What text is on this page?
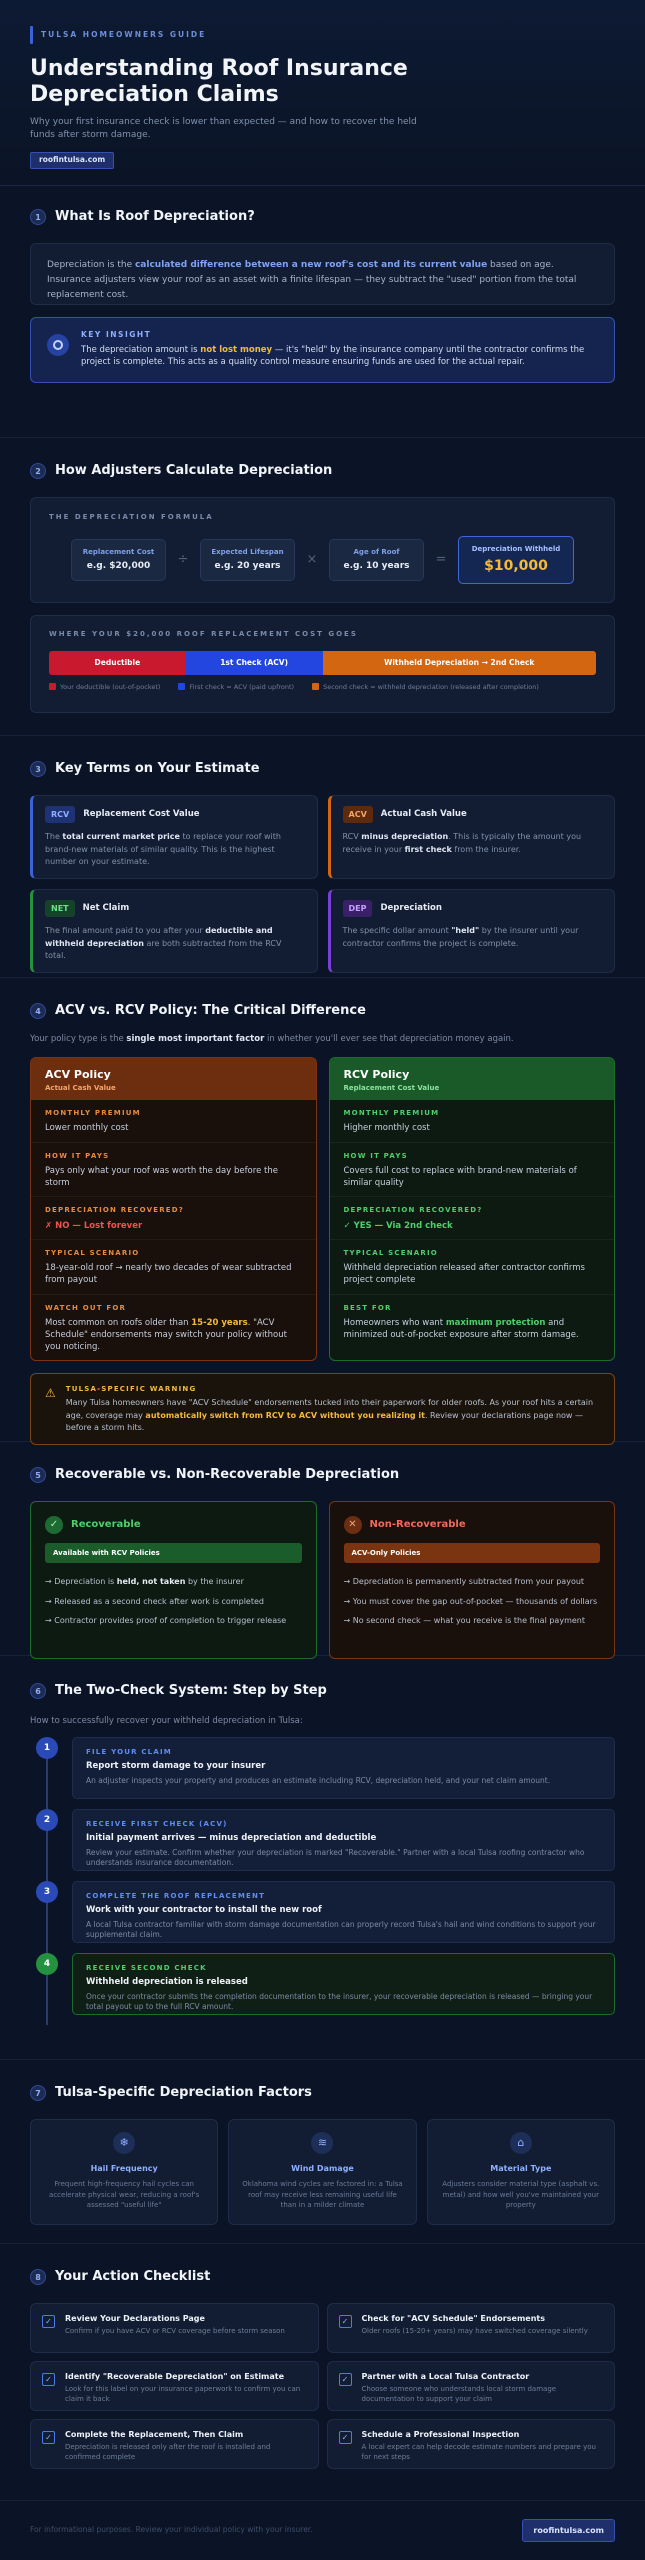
TULSA HOMEOWNERS GUIDE
Understanding Roof Insurance Depreciation Claims

Why your first insurance check is lower than expected — and how to recover the held funds after storm damage.

roofintulsa.com
1	What Is Roof Depreciation?
Depreciation is the calculated difference between a new roof's cost and its current value based on age. Insurance adjusters view your roof as an asset with a finite lifespan — they subtract the "used" portion from the total replacement cost.
KEY INSIGHT
The depreciation amount is not lost money — it's "held" by the insurance company until the contractor confirms the project is complete. This acts as a quality control measure ensuring funds are used for the actual repair.
2	How Adjusters Calculate Depreciation
THE DEPRECIATION FORMULA
Replacement Cost
e.g. $20,000 ÷	Expected Lifespan
e.g. 20 years ×	Age of Roof
e.g. 10 years =
Depreciation Withheld
$10,000
WHERE YOUR $20,000 ROOF REPLACEMENT COST GOES
Deductible	1st Check (ACV)	Withheld Depreciation → 2nd Check
Your deductible (out-of-pocket)	First check = ACV (paid upfront)	Second check = withheld depreciation (released after completion)
3	Key Terms on Your Estimate
RCV	Replacement Cost Value
The total current market price to replace your roof with brand-new materials of similar quality. This is the highest number on your estimate.
ACV	Actual Cash Value
RCV minus depreciation. This is typically the amount you receive in your first check from the insurer.
NET	Net Claim
The final amount paid to you after your deductible and withheld depreciation are both subtracted from the RCV total.
DEP	Depreciation
The specific dollar amount "held" by the insurer until your contractor confirms the project is complete.
4	ACV vs. RCV Policy: The Critical Difference

Your policy type is the single most important factor in whether you'll ever see that depreciation money again.

ACV Policy
Actual Cash Value
MONTHLY PREMIUM
Lower monthly cost
HOW IT PAYS
Pays only what your roof was worth the day before the storm
DEPRECIATION RECOVERED?
✗ NO — Lost forever
TYPICAL SCENARIO
18-year-old roof → nearly two decades of wear subtracted from payout
WATCH OUT FOR
Most common on roofs older than 15-20 years. "ACV Schedule" endorsements may switch your policy without you noticing.
RCV Policy
Replacement Cost Value
MONTHLY PREMIUM
Higher monthly cost
HOW IT PAYS
Covers full cost to replace with brand-new materials of similar quality
DEPRECIATION RECOVERED?
✓ YES — Via 2nd check
TYPICAL SCENARIO
Withheld depreciation released after contractor confirms project complete
BEST FOR
Homeowners who want maximum protection and minimized out-of-pocket exposure after storm damage.
⚠ TULSA-SPECIFIC WARNING
Many Tulsa homeowners have "ACV Schedule" endorsements tucked into their paperwork for older roofs. As your roof hits a certain age, coverage may automatically switch from RCV to ACV without you realizing it. Review your declarations page now — before a storm hits.
5	Recoverable vs. Non-Recoverable Depreciation
✓	Recoverable
Available with RCV Policies
→ Depreciation is held, not taken by the insurer
→ Released as a second check after work is completed
→ Contractor provides proof of completion to trigger release
✕	Non-Recoverable
ACV-Only Policies
→ Depreciation is permanently subtracted from your payout
→ You must cover the gap out-of-pocket — thousands of dollars
→ No second check — what you receive is the final payment
6	The Two-Check System: Step by Step

How to successfully recover your withheld depreciation in Tulsa:

1	FILE YOUR CLAIM
Report storm damage to your insurer
An adjuster inspects your property and produces an estimate including RCV, depreciation held, and your net claim amount.
2	RECEIVE FIRST CHECK (ACV)
Initial payment arrives — minus depreciation and deductible
Review your estimate. Confirm whether your depreciation is marked "Recoverable." Partner with a local Tulsa roofing contractor who understands insurance documentation.
3	COMPLETE THE ROOF REPLACEMENT
Work with your contractor to install the new roof
A local Tulsa contractor familiar with storm damage documentation can properly record Tulsa's hail and wind conditions to support your supplemental claim.
4	RECEIVE SECOND CHECK
Withheld depreciation is released
Once your contractor submits the completion documentation to the insurer, your recoverable depreciation is released — bringing your total payout up to the full RCV amount.
7	Tulsa-Specific Depreciation Factors
❄
Hail Frequency
Frequent high-frequency hail cycles can accelerate physical wear, reducing a roof's assessed "useful life"
≋
Wind Damage
Oklahoma wind cycles are factored in: a Tulsa roof may receive less remaining useful life than in a milder climate
⌂
Material Type
Adjusters consider material type (asphalt vs. metal) and how well you've maintained your property
8	Your Action Checklist
✓	Review Your Declarations Page
Confirm if you have ACV or RCV coverage before storm season
✓	Check for "ACV Schedule" Endorsements
Older roofs (15-20+ years) may have switched coverage silently
✓	Identify "Recoverable Depreciation" on Estimate
Look for this label on your insurance paperwork to confirm you can claim it back
✓	Partner with a Local Tulsa Contractor
Choose someone who understands local storm damage documentation to support your claim
✓	Complete the Replacement, Then Claim
Depreciation is released only after the roof is installed and confirmed complete
✓	Schedule a Professional Inspection
A local expert can help decode estimate numbers and prepare you for next steps
For informational purposes. Review your individual policy with your insurer.	roofintulsa.com
